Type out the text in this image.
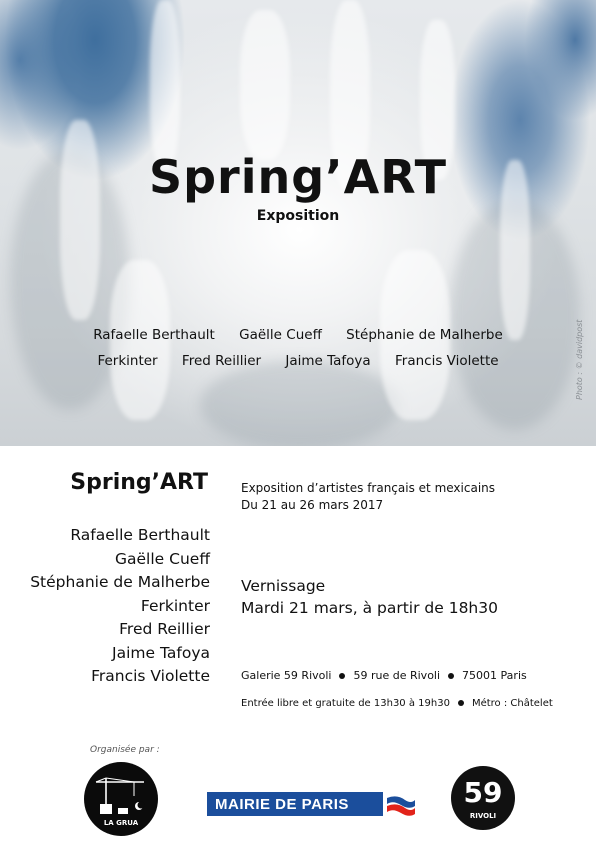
Spring’ART
Exposition
Rafaelle Berthault Gaëlle Cueff Stéphanie de Malherbe
Ferkinter Fred Reillier Jaime Tafoya Francis Violette	Photo : © davidpost
Spring’ART
Rafaelle Berthault
Gaëlle Cueff
Stéphanie de Malherbe
Ferkinter
Fred Reillier
Jaime Tafoya
Francis Violette
Exposition d’artistes français et mexicains
Du 21 au 26 mars 2017
Vernissage
Mardi 21 mars, à partir de 18h30
Galerie 59 Rivoli 59 rue de Rivoli 75001 Paris
Entrée libre et gratuite de 13h30 à 19h30 Métro : Châtelet
Organisée par :
LA GRUA
MAIRIE DE PARIS	59
RIVOLI
